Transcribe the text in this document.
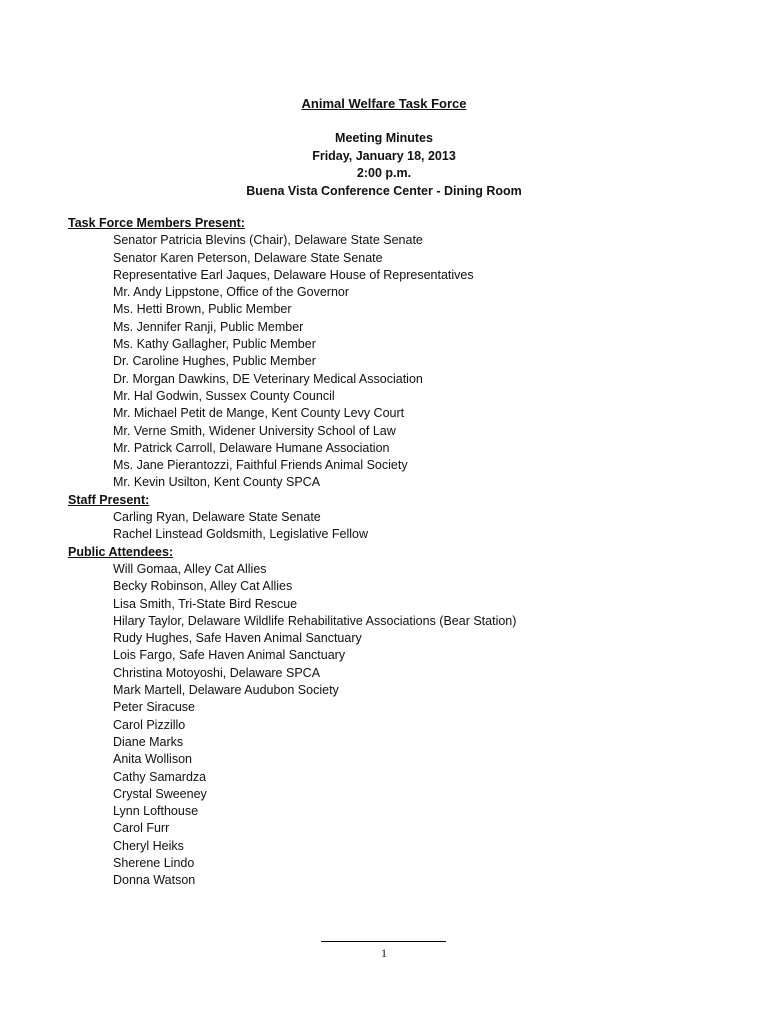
Animal Welfare Task Force
Meeting Minutes
Friday, January 18, 2013
2:00 p.m.
Buena Vista Conference Center - Dining Room
Task Force Members Present:
Senator Patricia Blevins (Chair), Delaware State Senate
Senator Karen Peterson, Delaware State Senate
Representative Earl Jaques, Delaware House of Representatives
Mr. Andy Lippstone, Office of the Governor
Ms. Hetti Brown, Public Member
Ms. Jennifer Ranji, Public Member
Ms. Kathy Gallagher, Public Member
Dr. Caroline Hughes, Public Member
Dr. Morgan Dawkins, DE Veterinary Medical Association
Mr. Hal Godwin, Sussex County Council
Mr. Michael Petit de Mange, Kent County Levy Court
Mr. Verne Smith, Widener University School of Law
Mr. Patrick Carroll, Delaware Humane Association
Ms. Jane Pierantozzi, Faithful Friends Animal Society
Mr. Kevin Usilton, Kent County SPCA
Staff Present:
Carling Ryan, Delaware State Senate
Rachel Linstead Goldsmith, Legislative Fellow
Public Attendees:
Will Gomaa, Alley Cat Allies
Becky Robinson, Alley Cat Allies
Lisa Smith, Tri-State Bird Rescue
Hilary Taylor, Delaware Wildlife Rehabilitative Associations (Bear Station)
Rudy Hughes, Safe Haven Animal Sanctuary
Lois Fargo, Safe Haven Animal Sanctuary
Christina Motoyoshi, Delaware SPCA
Mark Martell, Delaware Audubon Society
Peter Siracuse
Carol Pizzillo
Diane Marks
Anita Wollison
Cathy Samardza
Crystal Sweeney
Lynn Lofthouse
Carol Furr
Cheryl Heiks
Sherene Lindo
Donna Watson
1
